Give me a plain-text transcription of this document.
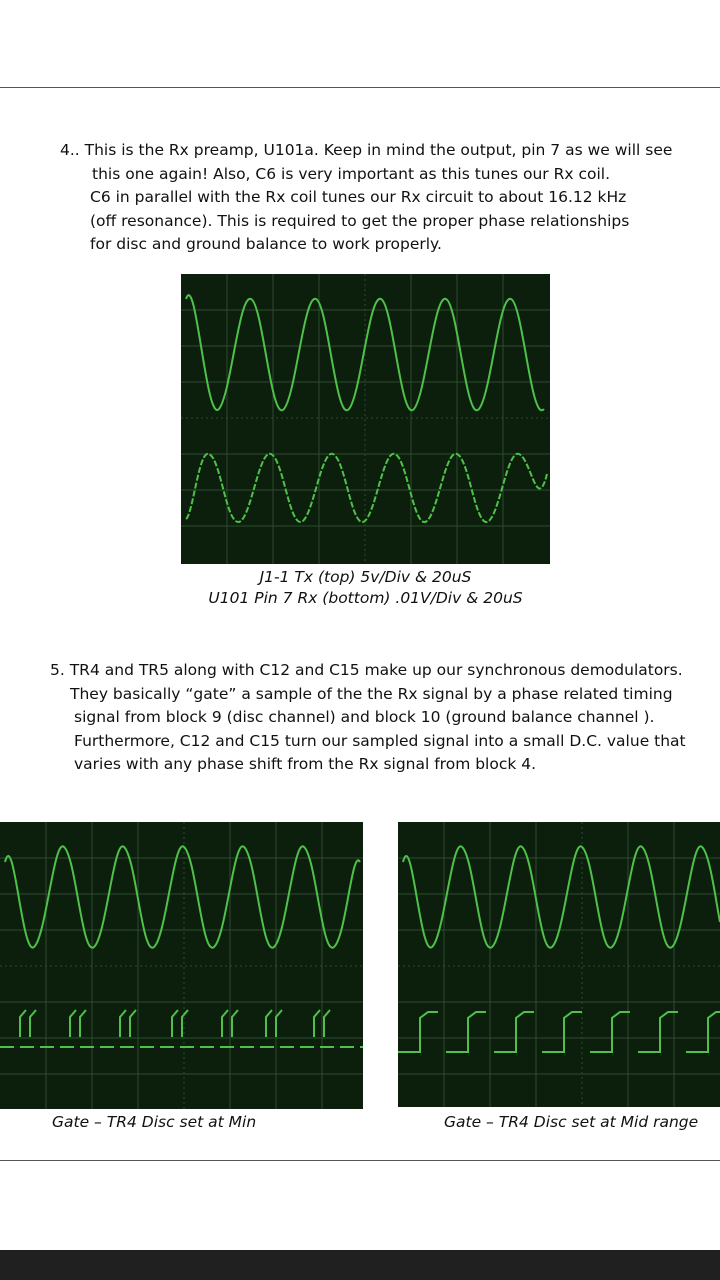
4.. This is the Rx preamp, U101a. Keep in mind the output, pin 7 as we will see
this one again! Also, C6 is very important as this tunes our Rx coil.
C6 in parallel with the Rx coil tunes our Rx circuit to about 16.12 kHz
(off resonance). This is required to get the proper phase relationships
for disc and ground balance to work properly.
J1-1 Tx (top) 5v/Div & 20uS
U101 Pin 7 Rx (bottom) .01V/Div & 20uS
5. TR4 and TR5 along with C12 and C15 make up our synchronous demodulators.
They basically “gate” a sample of the the Rx signal by a phase related timing
signal from block 9 (disc channel) and block 10 (ground balance channel ).
Furthermore, C12 and C15 turn our sampled signal into a small D.C. value that
varies with any phase shift from the Rx signal from block 4.
Gate – TR4 Disc set at Min	Gate – TR4 Disc set at Mid range
